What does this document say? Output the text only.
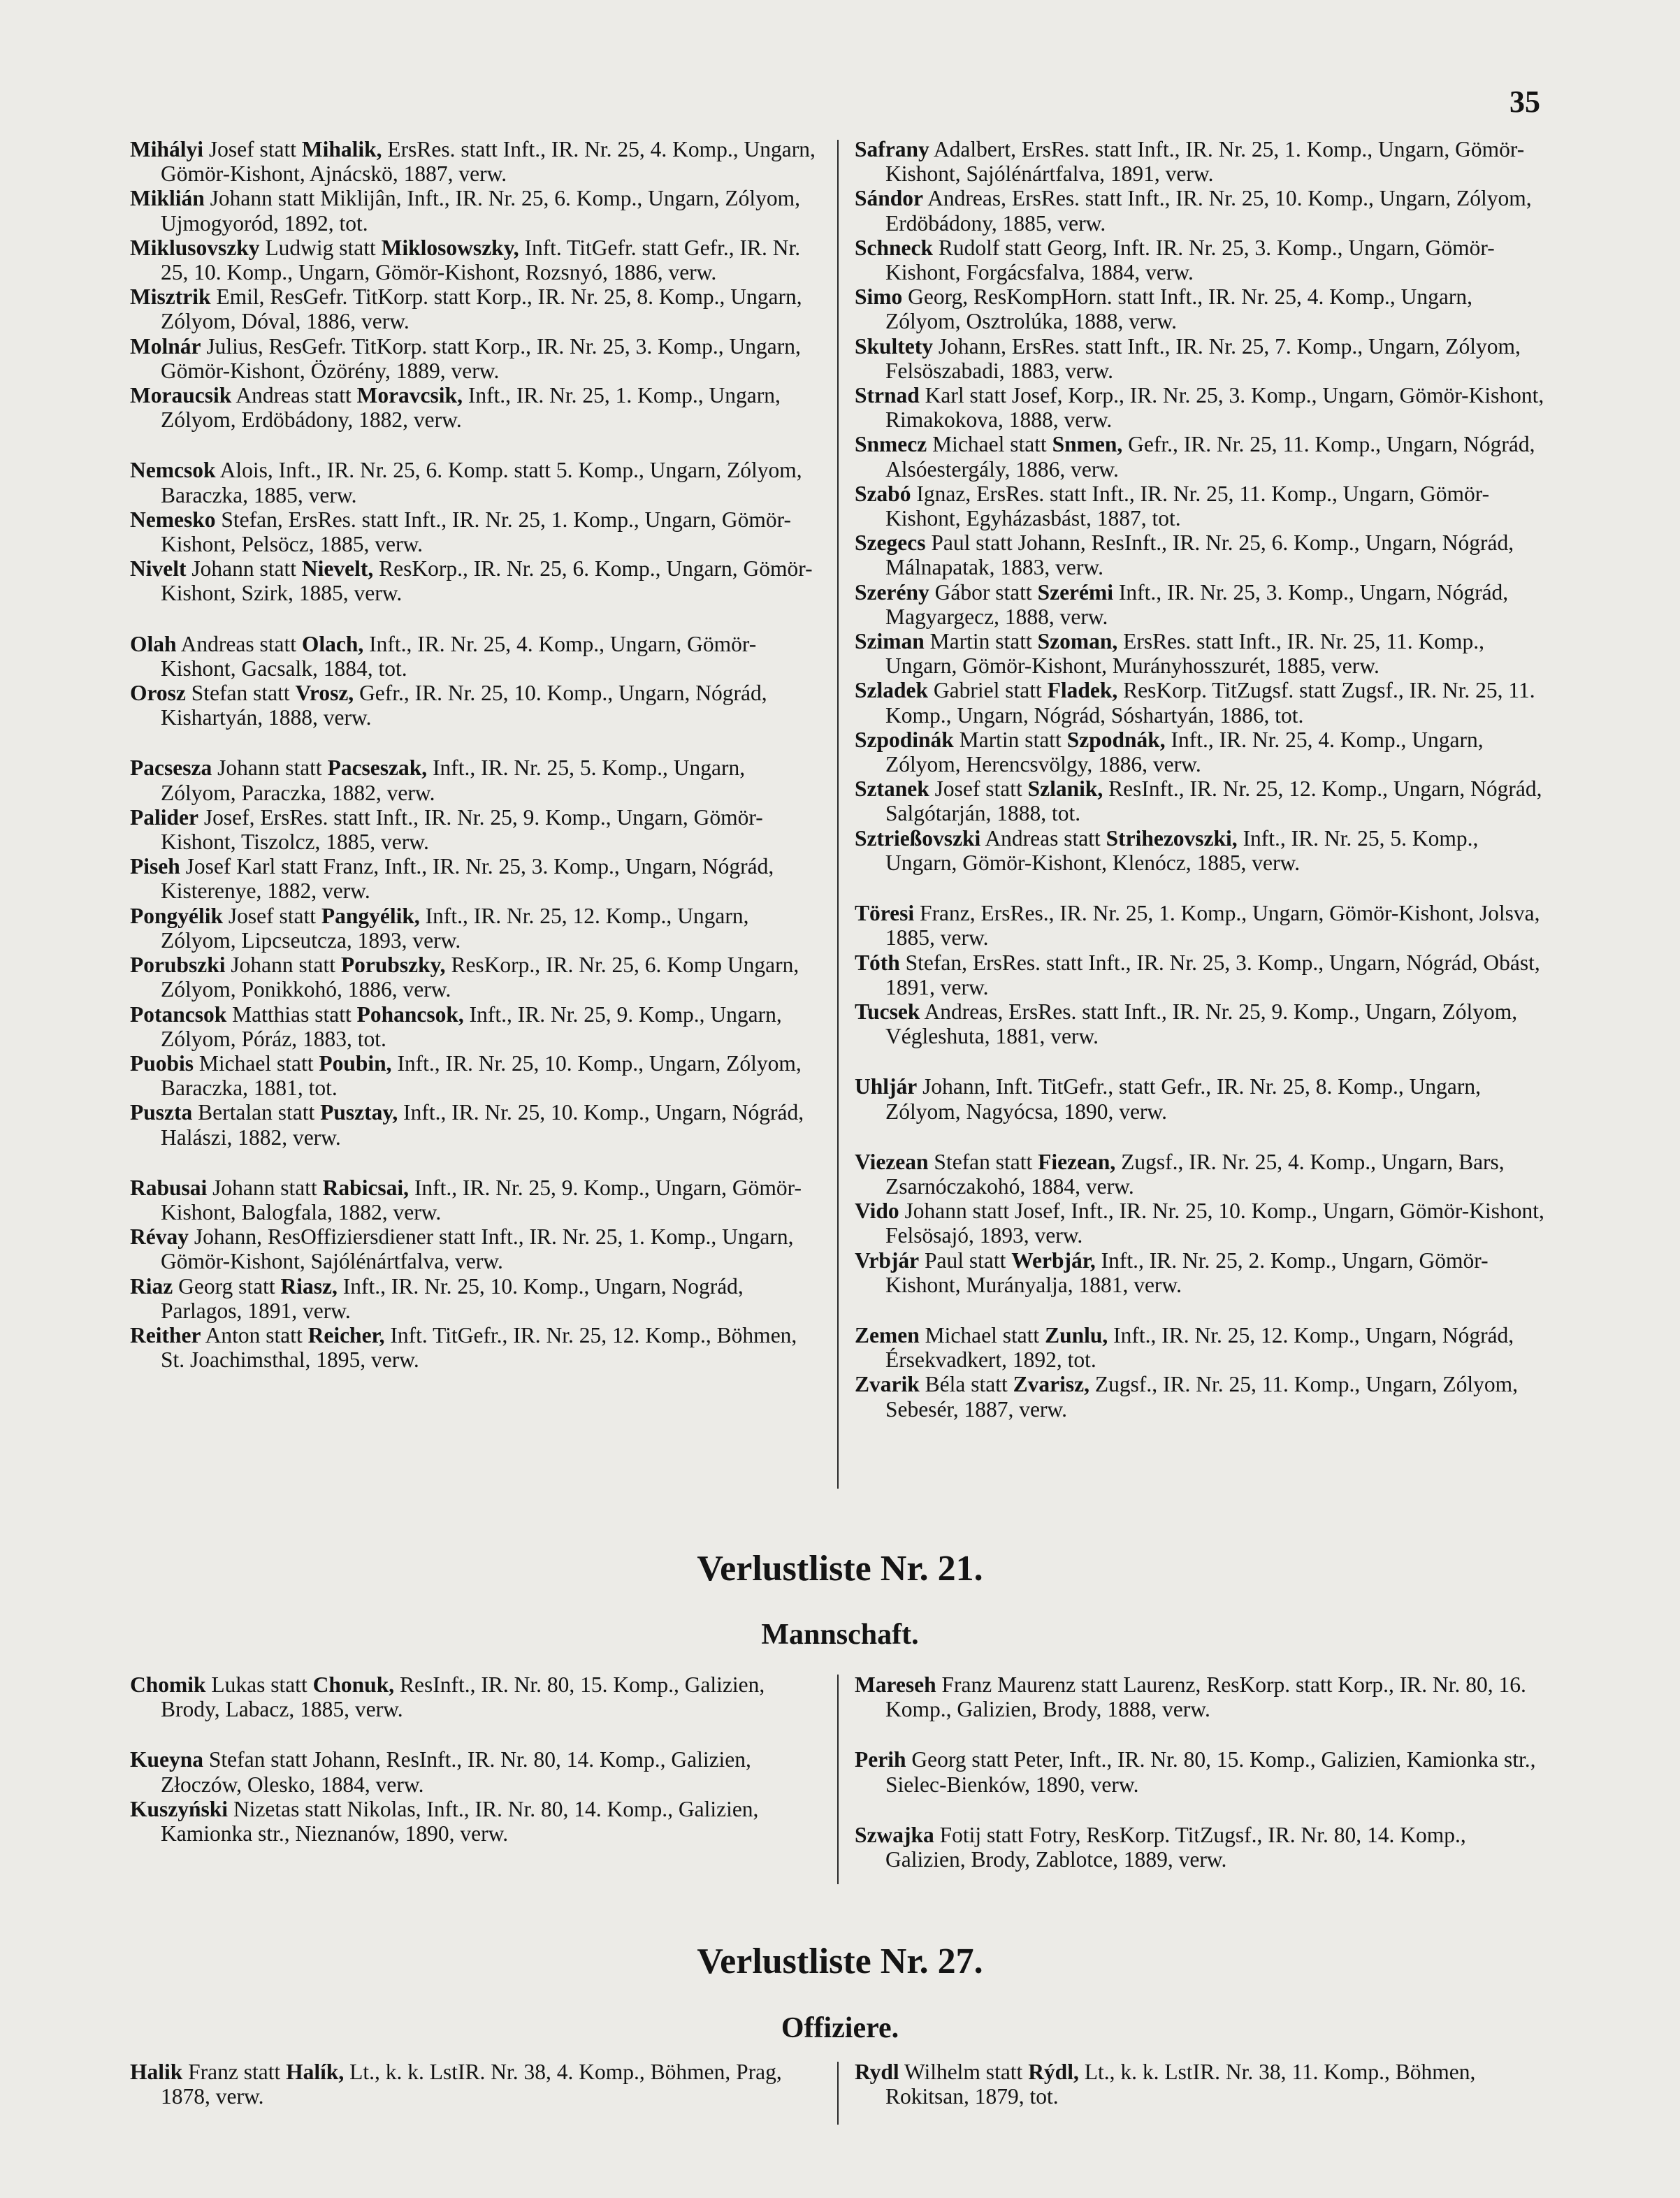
35
Mihályi Josef statt Mihalik, ErsRes. statt Inft., IR. Nr. 25, 4. Komp., Ungarn, Gömör-Kishont, Ajnácskö, 1887, verw.
Miklián Johann statt Miklijân, Inft., IR. Nr. 25, 6. Komp., Ungarn, Zólyom, Ujmogyoród, 1892, tot.
Miklusovszky Ludwig statt Miklosowszky, Inft. TitGefr. statt Gefr., IR. Nr. 25, 10. Komp., Ungarn, Gömör-Kishont, Rozsnyó, 1886, verw.
Misztrik Emil, ResGefr. TitKorp. statt Korp., IR. Nr. 25, 8. Komp., Ungarn, Zólyom, Dóval, 1886, verw.
Molnár Julius, ResGefr. TitKorp. statt Korp., IR. Nr. 25, 3. Komp., Ungarn, Gömör-Kishont, Özörény, 1889, verw.
Moraucsik Andreas statt Moravcsik, Inft., IR. Nr. 25, 1. Komp., Ungarn, Zólyom, Erdöbádony, 1882, verw.
Nemcsok Alois, Inft., IR. Nr. 25, 6. Komp. statt 5. Komp., Ungarn, Zólyom, Baraczka, 1885, verw.
Nemesko Stefan, ErsRes. statt Inft., IR. Nr. 25, 1. Komp., Ungarn, Gömör-Kishont, Pelsöcz, 1885, verw.
Nivelt Johann statt Nievelt, ResKorp., IR. Nr. 25, 6. Komp., Ungarn, Gömör-Kishont, Szirk, 1885, verw.
Olah Andreas statt Olach, Inft., IR. Nr. 25, 4. Komp., Ungarn, Gömör-Kishont, Gacsalk, 1884, tot.
Orosz Stefan statt Vrosz, Gefr., IR. Nr. 25, 10. Komp., Ungarn, Nógrád, Kishartyán, 1888, verw.
Pacsesza Johann statt Pacseszak, Inft., IR. Nr. 25, 5. Komp., Ungarn, Zólyom, Paraczka, 1882, verw.
Palider Josef, ErsRes. statt Inft., IR. Nr. 25, 9. Komp., Ungarn, Gömör-Kishont, Tiszolcz, 1885, verw.
Piseh Josef Karl statt Franz, Inft., IR. Nr. 25, 3. Komp., Ungarn, Nógrád, Kisterenye, 1882, verw.
Pongyélik Josef statt Pangyélik, Inft., IR. Nr. 25, 12. Komp., Ungarn, Zólyom, Lipcseutcza, 1893, verw.
Porubszki Johann statt Porubszky, ResKorp., IR. Nr. 25, 6. Komp Ungarn, Zólyom, Ponikkohó, 1886, verw.
Potancsok Matthias statt Pohancsok, Inft., IR. Nr. 25, 9. Komp., Ungarn, Zólyom, Póráz, 1883, tot.
Puobis Michael statt Poubin, Inft., IR. Nr. 25, 10. Komp., Ungarn, Zólyom, Baraczka, 1881, tot.
Puszta Bertalan statt Pusztay, Inft., IR. Nr. 25, 10. Komp., Ungarn, Nógrád, Halászi, 1882, verw.
Rabusai Johann statt Rabicsai, Inft., IR. Nr. 25, 9. Komp., Ungarn, Gömör-Kishont, Balogfala, 1882, verw.
Révay Johann, ResOffiziersdiener statt Inft., IR. Nr. 25, 1. Komp., Ungarn, Gömör-Kishont, Sajólénártfalva, verw.
Riaz Georg statt Riasz, Inft., IR. Nr. 25, 10. Komp., Ungarn, Nográd, Parlagos, 1891, verw.
Reither Anton statt Reicher, Inft. TitGefr., IR. Nr. 25, 12. Komp., Böhmen, St. Joachimsthal, 1895, verw.
Safrany Adalbert, ErsRes. statt Inft., IR. Nr. 25, 1. Komp., Ungarn, Gömör-Kishont, Sajólénártfalva, 1891, verw.
Sándor Andreas, ErsRes. statt Inft., IR. Nr. 25, 10. Komp., Ungarn, Zólyom, Erdöbádony, 1885, verw.
Schneck Rudolf statt Georg, Inft. IR. Nr. 25, 3. Komp., Ungarn, Gömör-Kishont, Forgácsfalva, 1884, verw.
Simo Georg, ResKompHorn. statt Inft., IR. Nr. 25, 4. Komp., Ungarn, Zólyom, Osztrolúka, 1888, verw.
Skultety Johann, ErsRes. statt Inft., IR. Nr. 25, 7. Komp., Ungarn, Zólyom, Felsöszabadi, 1883, verw.
Strnad Karl statt Josef, Korp., IR. Nr. 25, 3. Komp., Ungarn, Gömör-Kishont, Rimakokova, 1888, verw.
Snmecz Michael statt Snmen, Gefr., IR. Nr. 25, 11. Komp., Ungarn, Nógrád, Alsóestergály, 1886, verw.
Szabó Ignaz, ErsRes. statt Inft., IR. Nr. 25, 11. Komp., Ungarn, Gömör-Kishont, Egyházasbást, 1887, tot.
Szegecs Paul statt Johann, ResInft., IR. Nr. 25, 6. Komp., Ungarn, Nógrád, Málnapatak, 1883, verw.
Szerény Gábor statt Szerémi Inft., IR. Nr. 25, 3. Komp., Ungarn, Nógrád, Magyargecz, 1888, verw.
Sziman Martin statt Szoman, ErsRes. statt Inft., IR. Nr. 25, 11. Komp., Ungarn, Gömör-Kishont, Murányhosszurét, 1885, verw.
Szladek Gabriel statt Fladek, ResKorp. TitZugsf. statt Zugsf., IR. Nr. 25, 11. Komp., Ungarn, Nógrád, Sóshartyán, 1886, tot.
Szpodinák Martin statt Szpodnák, Inft., IR. Nr. 25, 4. Komp., Ungarn, Zólyom, Herencsvölgy, 1886, verw.
Sztanek Josef statt Szlanik, ResInft., IR. Nr. 25, 12. Komp., Ungarn, Nógrád, Salgótarján, 1888, tot.
Sztrießovszki Andreas statt Strihezovszki, Inft., IR. Nr. 25, 5. Komp., Ungarn, Gömör-Kishont, Klenócz, 1885, verw.
Töresi Franz, ErsRes., IR. Nr. 25, 1. Komp., Ungarn, Gömör-Kishont, Jolsva, 1885, verw.
Tóth Stefan, ErsRes. statt Inft., IR. Nr. 25, 3. Komp., Ungarn, Nógrád, Obást, 1891, verw.
Tucsek Andreas, ErsRes. statt Inft., IR. Nr. 25, 9. Komp., Ungarn, Zólyom, Végleshuta, 1881, verw.
Uhljár Johann, Inft. TitGefr., statt Gefr., IR. Nr. 25, 8. Komp., Ungarn, Zólyom, Nagyócsa, 1890, verw.
Viezean Stefan statt Fiezean, Zugsf., IR. Nr. 25, 4. Komp., Ungarn, Bars, Zsarnóczakohó, 1884, verw.
Vido Johann statt Josef, Inft., IR. Nr. 25, 10. Komp., Ungarn, Gömör-Kishont, Felsösajó, 1893, verw.
Vrbjár Paul statt Werbjár, Inft., IR. Nr. 25, 2. Komp., Ungarn, Gömör-Kishont, Murányalja, 1881, verw.
Zemen Michael statt Zunlu, Inft., IR. Nr. 25, 12. Komp., Ungarn, Nógrád, Érsekvadkert, 1892, tot.
Zvarik Béla statt Zvarisz, Zugsf., IR. Nr. 25, 11. Komp., Ungarn, Zólyom, Sebesér, 1887, verw.
Verlustliste Nr. 21.
Mannschaft.
Chomik Lukas statt Chonuk, ResInft., IR. Nr. 80, 15. Komp., Galizien, Brody, Labacz, 1885, verw.
Kueyna Stefan statt Johann, ResInft., IR. Nr. 80, 14. Komp., Galizien, Złoczów, Olesko, 1884, verw.
Kuszyński Nizetas statt Nikolas, Inft., IR. Nr. 80, 14. Komp., Galizien, Kamionka str., Nieznanów, 1890, verw.
Mareseh Franz Maurenz statt Laurenz, ResKorp. statt Korp., IR. Nr. 80, 16. Komp., Galizien, Brody, 1888, verw.
Perih Georg statt Peter, Inft., IR. Nr. 80, 15. Komp., Galizien, Kamionka str., Sielec-Bienków, 1890, verw.
Szwajka Fotij statt Fotry, ResKorp. TitZugsf., IR. Nr. 80, 14. Komp., Galizien, Brody, Zablotce, 1889, verw.
Verlustliste Nr. 27.
Offiziere.
Halik Franz statt Halík, Lt., k. k. LstIR. Nr. 38, 4. Komp., Böhmen, Prag, 1878, verw.
Rydl Wilhelm statt Rýdl, Lt., k. k. LstIR. Nr. 38, 11. Komp., Böhmen, Rokitsan, 1879, tot.
